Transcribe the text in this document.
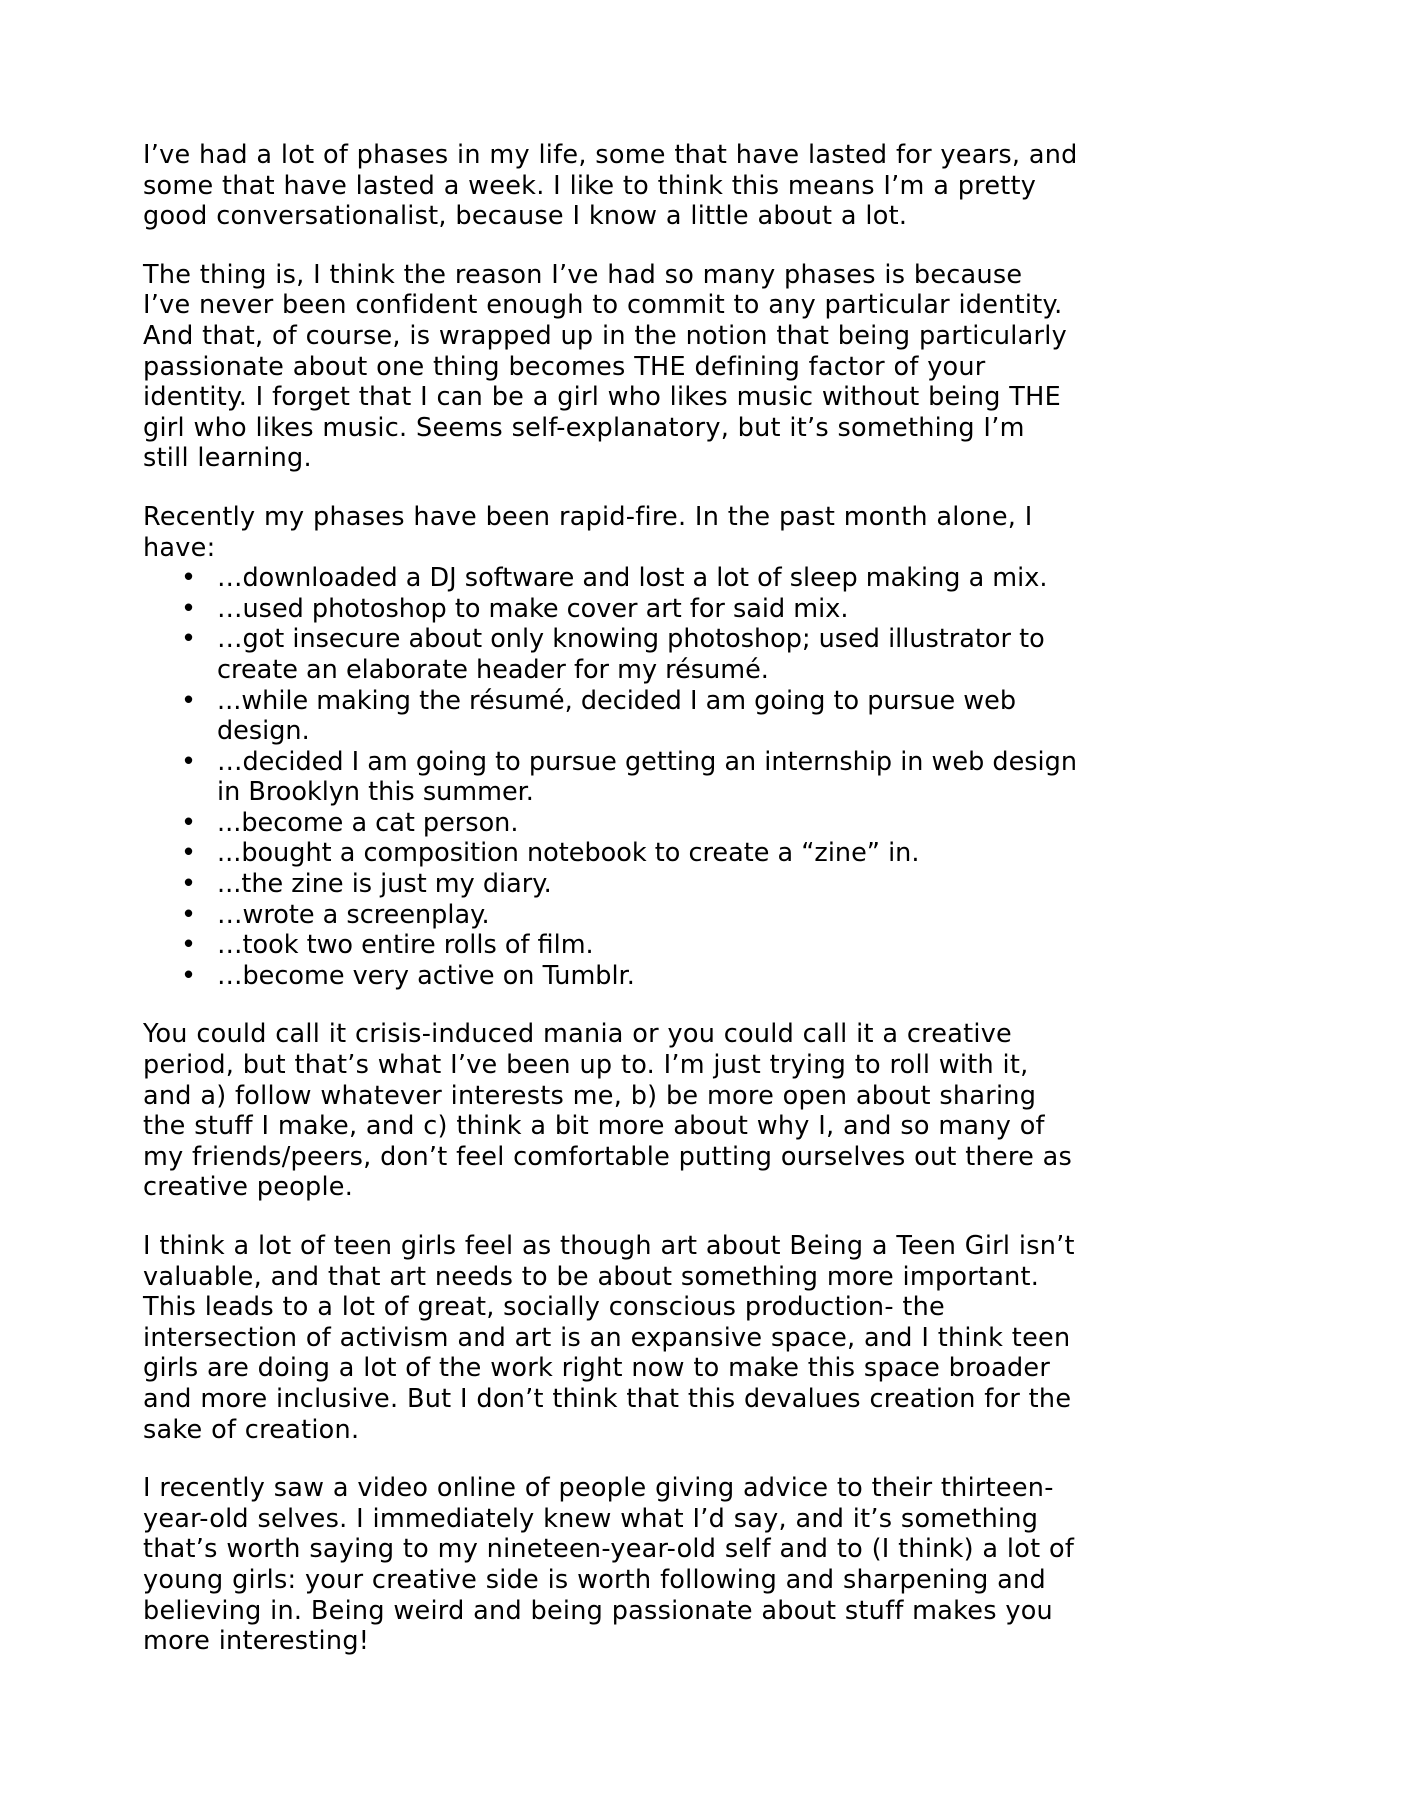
I’ve had a lot of phases in my life, some that have lasted for years, and some that have lasted a week. I like to think this means I’m a pretty good conversationalist, because I know a little about a lot.

The thing is, I think the reason I’ve had so many phases is because I’ve never been confident enough to commit to any particular identity. And that, of course, is wrapped up in the notion that being particularly passionate about one thing becomes THE defining factor of your identity. I forget that I can be a girl who likes music without being THE girl who likes music. Seems self-explanatory, but it’s something I’m still learning.

Recently my phases have been rapid-fire. In the past month alone, I have:

• …downloaded a DJ software and lost a lot of sleep making a mix.
• …used photoshop to make cover art for said mix.
• …got insecure about only knowing photoshop; used illustrator to create an elaborate header for my résumé.
• ...while making the résumé, decided I am going to pursue web design.
• …decided I am going to pursue getting an internship in web design in Brooklyn this summer.
• ...become a cat person.
• ...bought a composition notebook to create a “zine” in.
• ...the zine is just my diary.
• …wrote a screenplay.
• …took two entire rolls of film.
• …become very active on Tumblr.

You could call it crisis-induced mania or you could call it a creative period, but that’s what I’ve been up to. I’m just trying to roll with it, and a) follow whatever interests me, b) be more open about sharing the stuff I make, and c) think a bit more about why I, and so many of my friends/peers, don’t feel comfortable putting ourselves out there as creative people.

I think a lot of teen girls feel as though art about Being a Teen Girl isn’t valuable, and that art needs to be about something more important. This leads to a lot of great, socially conscious production- the intersection of activism and art is an expansive space, and I think teen girls are doing a lot of the work right now to make this space broader and more inclusive. But I don’t think that this devalues creation for the sake of creation.

I recently saw a video online of people giving advice to their thirteen-year-old selves. I immediately knew what I’d say, and it’s something that’s worth saying to my nineteen-year-old self and to (I think) a lot of young girls: your creative side is worth following and sharpening and believing in. Being weird and being passionate about stuff makes you more interesting!
